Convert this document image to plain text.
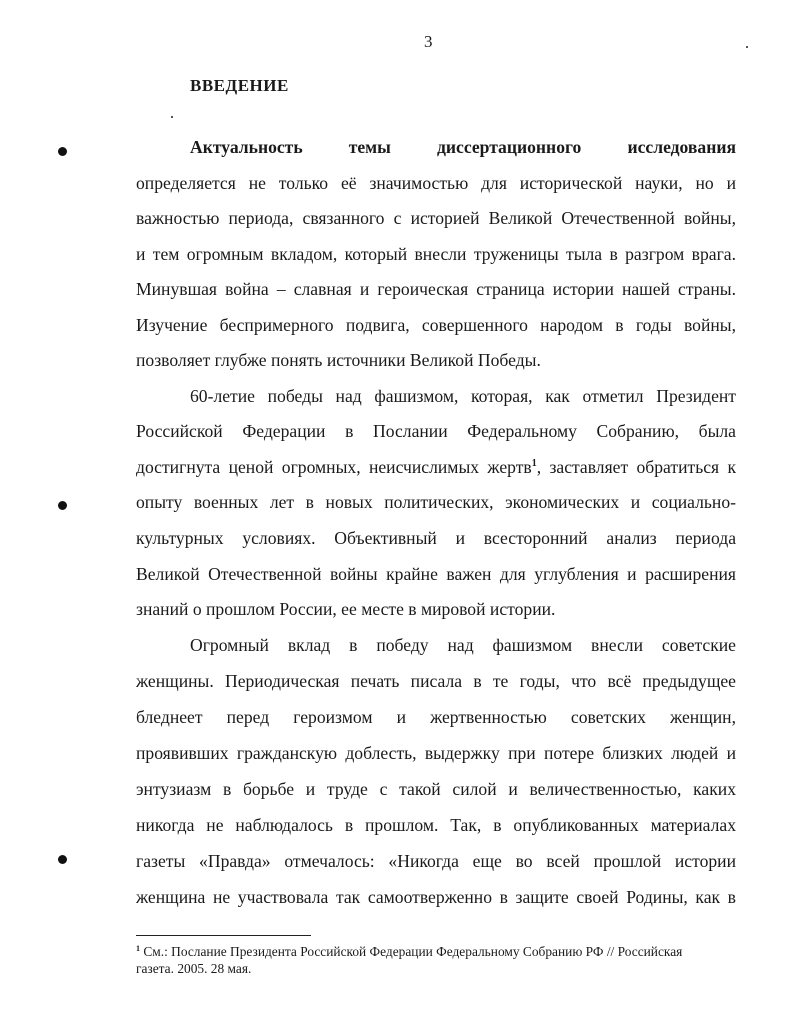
3
ВВЕДЕНИЕ
Актуальность	темы	диссертационного	исследования
определяется не только её значимостью для исторической науки, но и
важностью периода, связанного с историей Великой Отечественной войны,
и тем огромным вкладом, который внесли труженицы тыла в разгром врага.
Минувшая война – славная и героическая страница истории нашей страны.
Изучение беспримерного подвига, совершенного народом в годы войны,
позволяет глубже понять источники Великой Победы.
60-летие победы над фашизмом, которая, как отметил Президент
Российской Федерации в Послании Федеральному Собранию, была
достигнута ценой огромных, неисчислимых жертв$^1$, заставляет обратиться к
опыту военных лет в новых политических, экономических и социально-
культурных условиях. Объективный и всесторонний анализ периода
Великой Отечественной войны крайне важен для углубления и расширения
знаний о прошлом России, ее месте в мировой истории.
Огромный вклад в победу над фашизмом внесли советские
женщины. Периодическая печать писала в те годы, что всё предыдущее
бледнеет перед героизмом и жертвенностью советских женщин,
проявивших гражданскую доблесть, выдержку при потере близких людей и
энтузиазм в борьбе и труде с такой силой и величественностью, каких
никогда не наблюдалось в прошлом. Так, в опубликованных материалах
газеты «Правда» отмечалось: «Никогда еще во всей прошлой истории
женщина не участвовала так самоотверженно в защите своей Родины, как в
$^1$ См.: Послание Президента Российской Федерации Федеральному Собранию РФ // Российская
газета. 2005. 28 мая.
